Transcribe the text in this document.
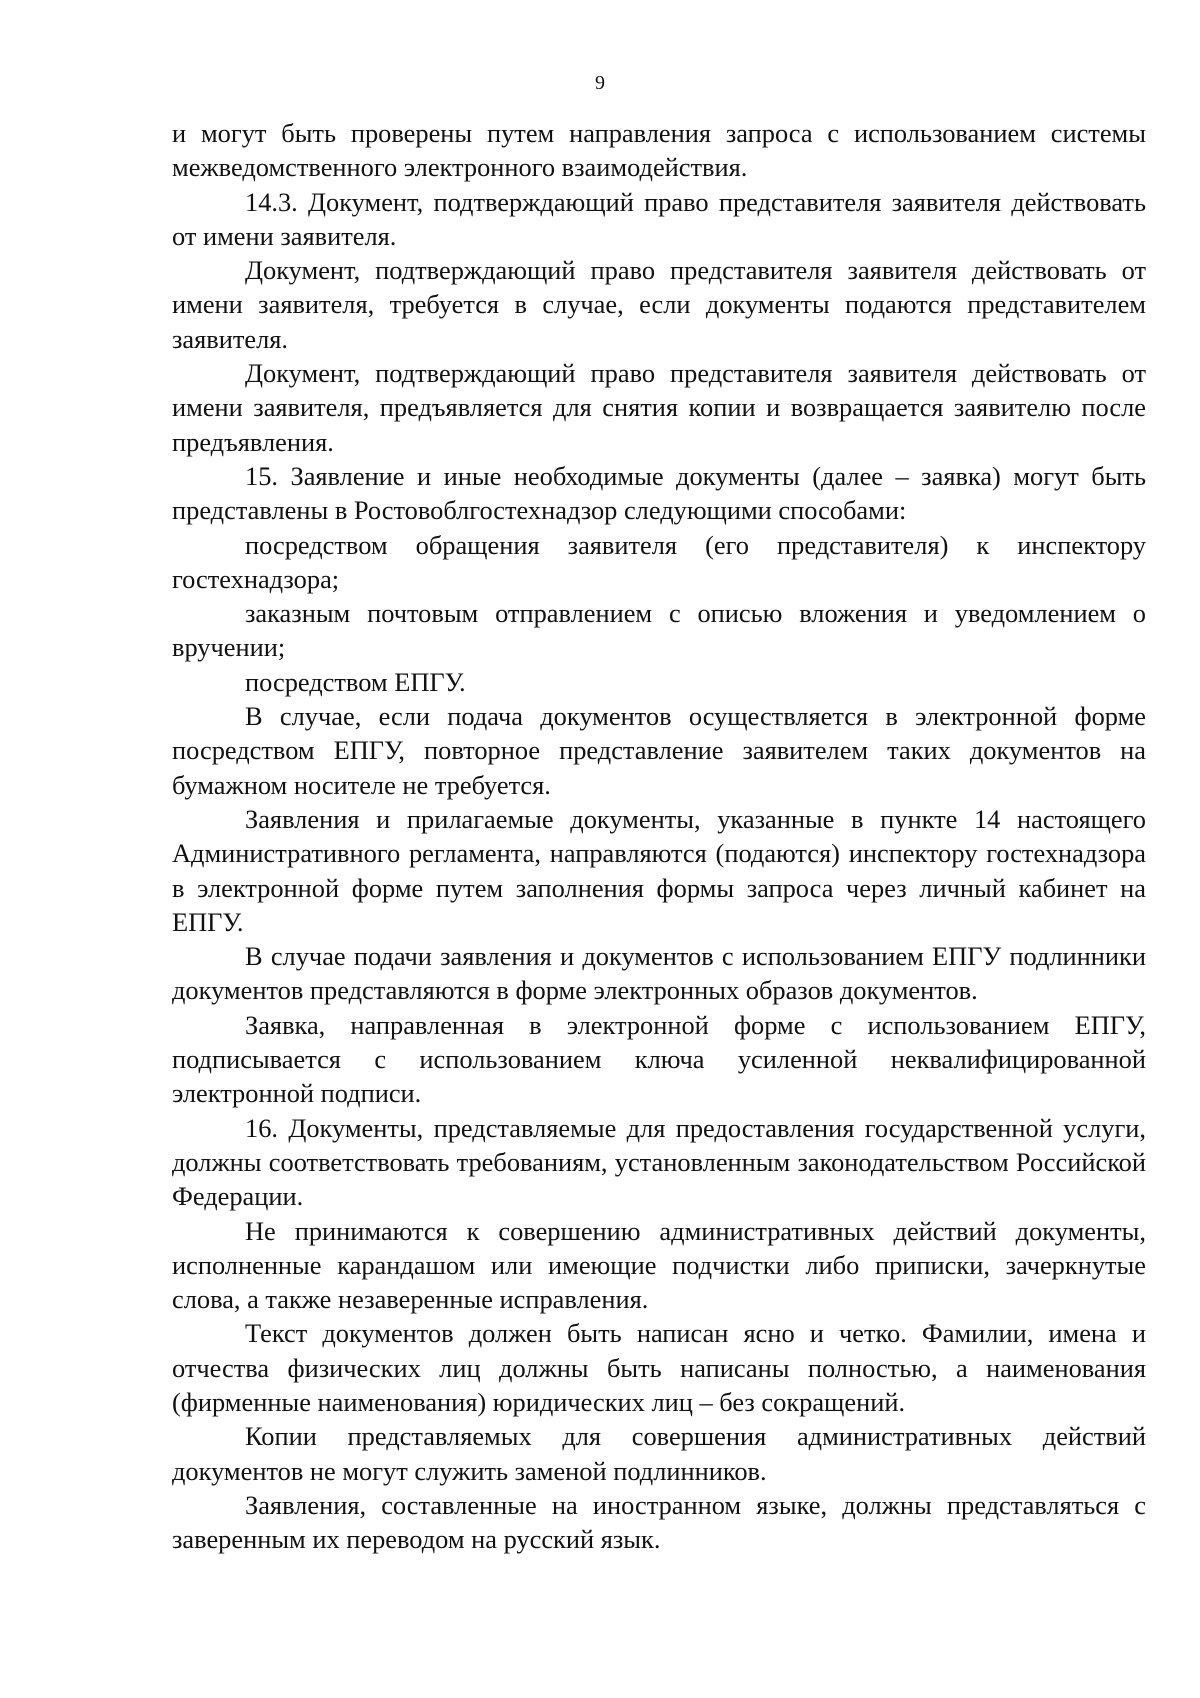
9

и могут быть проверены путем направления запроса с использованием системы межведомственного электронного взаимодействия.

14.3. Документ, подтверждающий право представителя заявителя действовать от имени заявителя.

Документ, подтверждающий право представителя заявителя действовать от имени заявителя, требуется в случае, если документы подаются представителем заявителя.

Документ, подтверждающий право представителя заявителя действовать от имени заявителя, предъявляется для снятия копии и возвращается заявителю после предъявления.

15. Заявление и иные необходимые документы (далее – заявка) могут быть представлены в Ростовоблгостехнадзор следующими способами:

посредством обращения заявителя (его представителя) к инспектору гостехнадзора;

заказным почтовым отправлением с описью вложения и уведомлением о вручении;

посредством ЕПГУ.

В случае, если подача документов осуществляется в электронной форме посредством ЕПГУ, повторное представление заявителем таких документов на бумажном носителе не требуется.

Заявления и прилагаемые документы, указанные в пункте 14 настоящего Административного регламента, направляются (подаются) инспектору гостехнадзора в электронной форме путем заполнения формы запроса через личный кабинет на ЕПГУ.

В случае подачи заявления и документов с использованием ЕПГУ подлинники документов представляются в форме электронных образов документов.

Заявка, направленная в электронной форме с использованием ЕПГУ, подписывается с использованием ключа усиленной неквалифицированной электронной подписи.

16. Документы, представляемые для предоставления государственной услуги, должны соответствовать требованиям, установленным законодательством Российской Федерации.

Не принимаются к совершению административных действий документы, исполненные карандашом или имеющие подчистки либо приписки, зачеркнутые слова, а также незаверенные исправления.

Текст документов должен быть написан ясно и четко. Фамилии, имена и отчества физических лиц должны быть написаны полностью, а наименования (фирменные наименования) юридических лиц – без сокращений.

Копии представляемых для совершения административных действий документов не могут служить заменой подлинников.

Заявления, составленные на иностранном языке, должны представляться с заверенным их переводом на русский язык.
